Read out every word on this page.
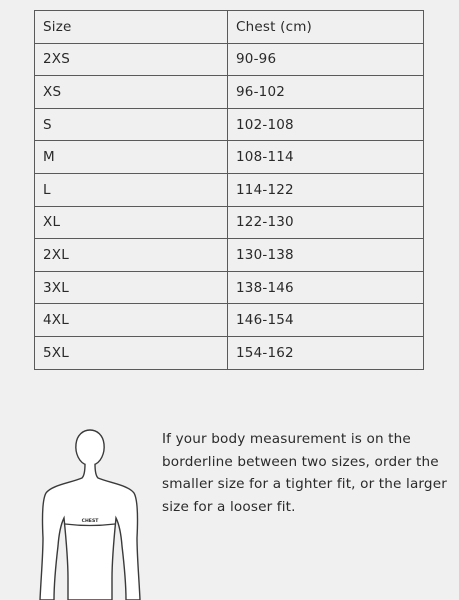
Size	Chest (cm)
2XS	90-96
XS	96-102
S	102-108
M	108-114
L	114-122
XL	122-130
2XL	130-138
3XL	138-146
4XL	146-154
5XL	154-162
CHEST

If your body measurement is on the borderline between two sizes, order the smaller size for a tighter fit, or the larger size for a looser fit.
